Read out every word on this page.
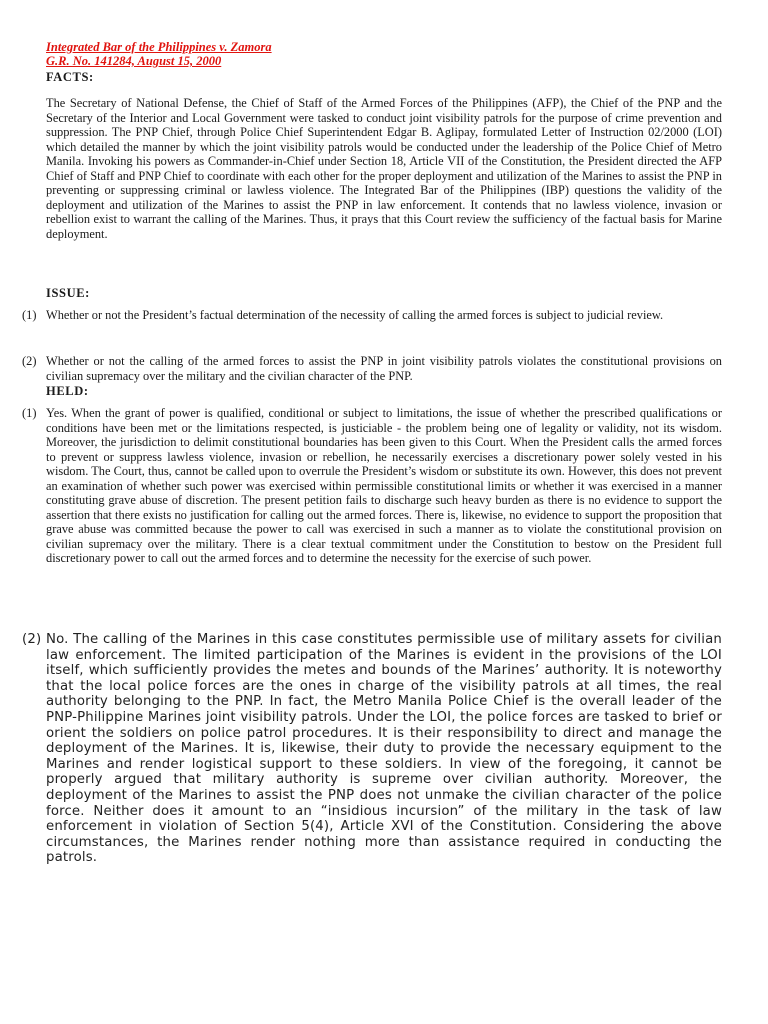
Integrated Bar of the Philippines v. Zamora
G.R. No. 141284, August 15, 2000
FACTS:
The Secretary of National Defense, the Chief of Staff of the Armed Forces of the Philippines (AFP), the Chief of the PNP and the Secretary of the Interior and Local Government were tasked to conduct joint visibility patrols for the purpose of crime prevention and suppression. The PNP Chief, through Police Chief Superintendent Edgar B. Aglipay, formulated Letter of Instruction 02/2000 (LOI) which detailed the manner by which the joint visibility patrols would be conducted under the leadership of the Police Chief of Metro Manila. Invoking his powers as Commander-in-Chief under Section 18, Article VII of the Constitution, the President directed the AFP Chief of Staff and PNP Chief to coordinate with each other for the proper deployment and utilization of the Marines to assist the PNP in preventing or suppressing criminal or lawless violence. The Integrated Bar of the Philippines (IBP) questions the validity of the deployment and utilization of the Marines to assist the PNP in law enforcement. It contends that no lawless violence, invasion or rebellion exist to warrant the calling of the Marines. Thus, it prays that this Court review the sufficiency of the factual basis for Marine deployment.
ISSUE:
(1) Whether or not the President’s factual determination of the necessity of calling the armed forces is subject to judicial review.
(2) Whether or not the calling of the armed forces to assist the PNP in joint visibility patrols violates the constitutional provisions on civilian supremacy over the military and the civilian character of the PNP.
HELD:
(1) Yes. When the grant of power is qualified, conditional or subject to limitations, the issue of whether the prescribed qualifications or conditions have been met or the limitations respected, is justiciable - the problem being one of legality or validity, not its wisdom. Moreover, the jurisdiction to delimit constitutional boundaries has been given to this Court. When the President calls the armed forces to prevent or suppress lawless violence, invasion or rebellion, he necessarily exercises a discretionary power solely vested in his wisdom. The Court, thus, cannot be called upon to overrule the President’s wisdom or substitute its own. However, this does not prevent an examination of whether such power was exercised within permissible constitutional limits or whether it was exercised in a manner constituting grave abuse of discretion. The present petition fails to discharge such heavy burden as there is no evidence to support the assertion that there exists no justification for calling out the armed forces. There is, likewise, no evidence to support the proposition that grave abuse was committed because the power to call was exercised in such a manner as to violate the constitutional provision on civilian supremacy over the military. There is a clear textual commitment under the Constitution to bestow on the President full discretionary power to call out the armed forces and to determine the necessity for the exercise of such power.
(2) No. The calling of the Marines in this case constitutes permissible use of military assets for civilian law enforcement. The limited participation of the Marines is evident in the provisions of the LOI itself, which sufficiently provides the metes and bounds of the Marines’ authority. It is noteworthy that the local police forces are the ones in charge of the visibility patrols at all times, the real authority belonging to the PNP. In fact, the Metro Manila Police Chief is the overall leader of the PNP-Philippine Marines joint visibility patrols. Under the LOI, the police forces are tasked to brief or orient the soldiers on police patrol procedures. It is their responsibility to direct and manage the deployment of the Marines. It is, likewise, their duty to provide the necessary equipment to the Marines and render logistical support to these soldiers. In view of the foregoing, it cannot be properly argued that military authority is supreme over civilian authority. Moreover, the deployment of the Marines to assist the PNP does not unmake the civilian character of the police force. Neither does it amount to an “insidious incursion” of the military in the task of law enforcement in violation of Section 5(4), Article XVI of the Constitution. Considering the above circumstances, the Marines render nothing more than assistance required in conducting the patrols.
